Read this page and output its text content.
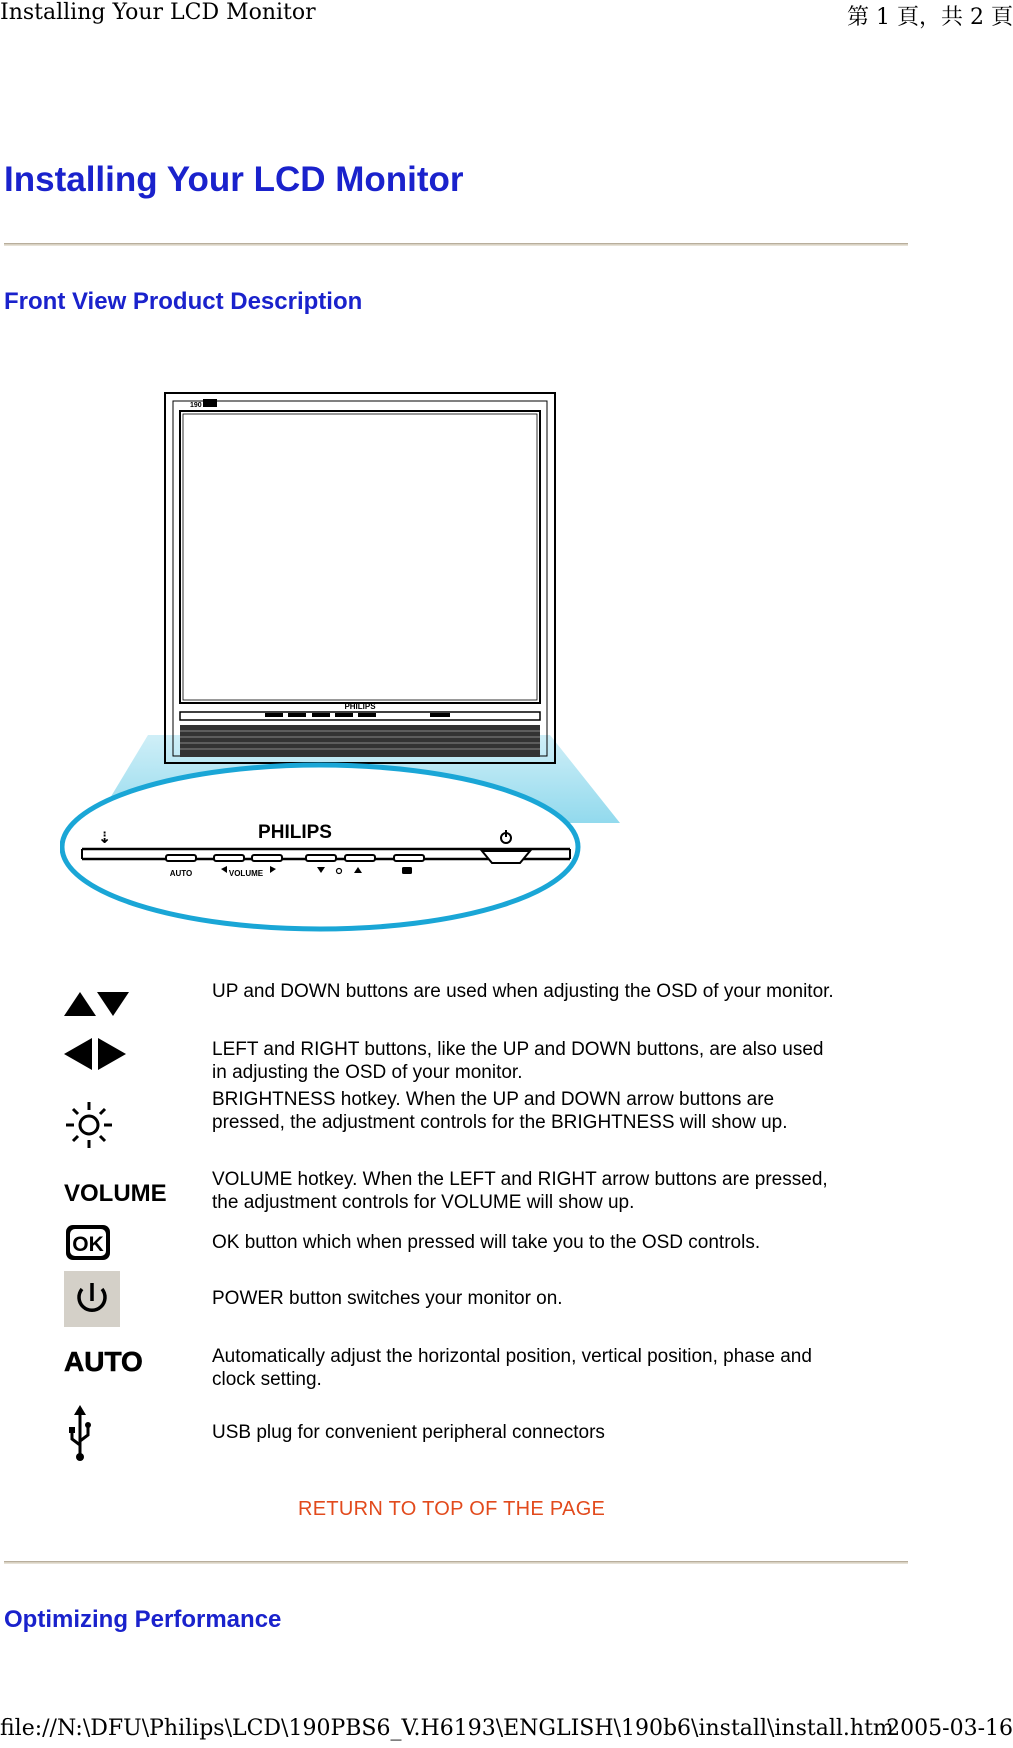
Installing Your LCD Monitor	第 1 頁，共 2 頁
Installing Your LCD Monitor
Front View Product Description
190
PHILIPS
⇣	PHILIPS
AUTO	VOLUME
UP and DOWN buttons are used when adjusting the OSD of your monitor.
LEFT and RIGHT buttons, like the UP and DOWN buttons, are also used in adjusting the OSD of your monitor.
BRIGHTNESS hotkey. When the UP and DOWN arrow buttons are pressed, the adjustment controls for the BRIGHTNESS will show up.
VOLUME
VOLUME hotkey. When the LEFT and RIGHT arrow buttons are pressed, the adjustment controls for VOLUME will show up.
OK	OK button which when pressed will take you to the OSD controls.
POWER button switches your monitor on.
AUTO	Automatically adjust the horizontal position, vertical position, phase and clock setting.
USB plug for convenient peripheral connectors
RETURN TO TOP OF THE PAGE
Optimizing Performance
file://N:\DFU\Philips\LCD\190PBS6_V.H6193\ENGLISH\190b6\install\install.htm
2005-03-16
